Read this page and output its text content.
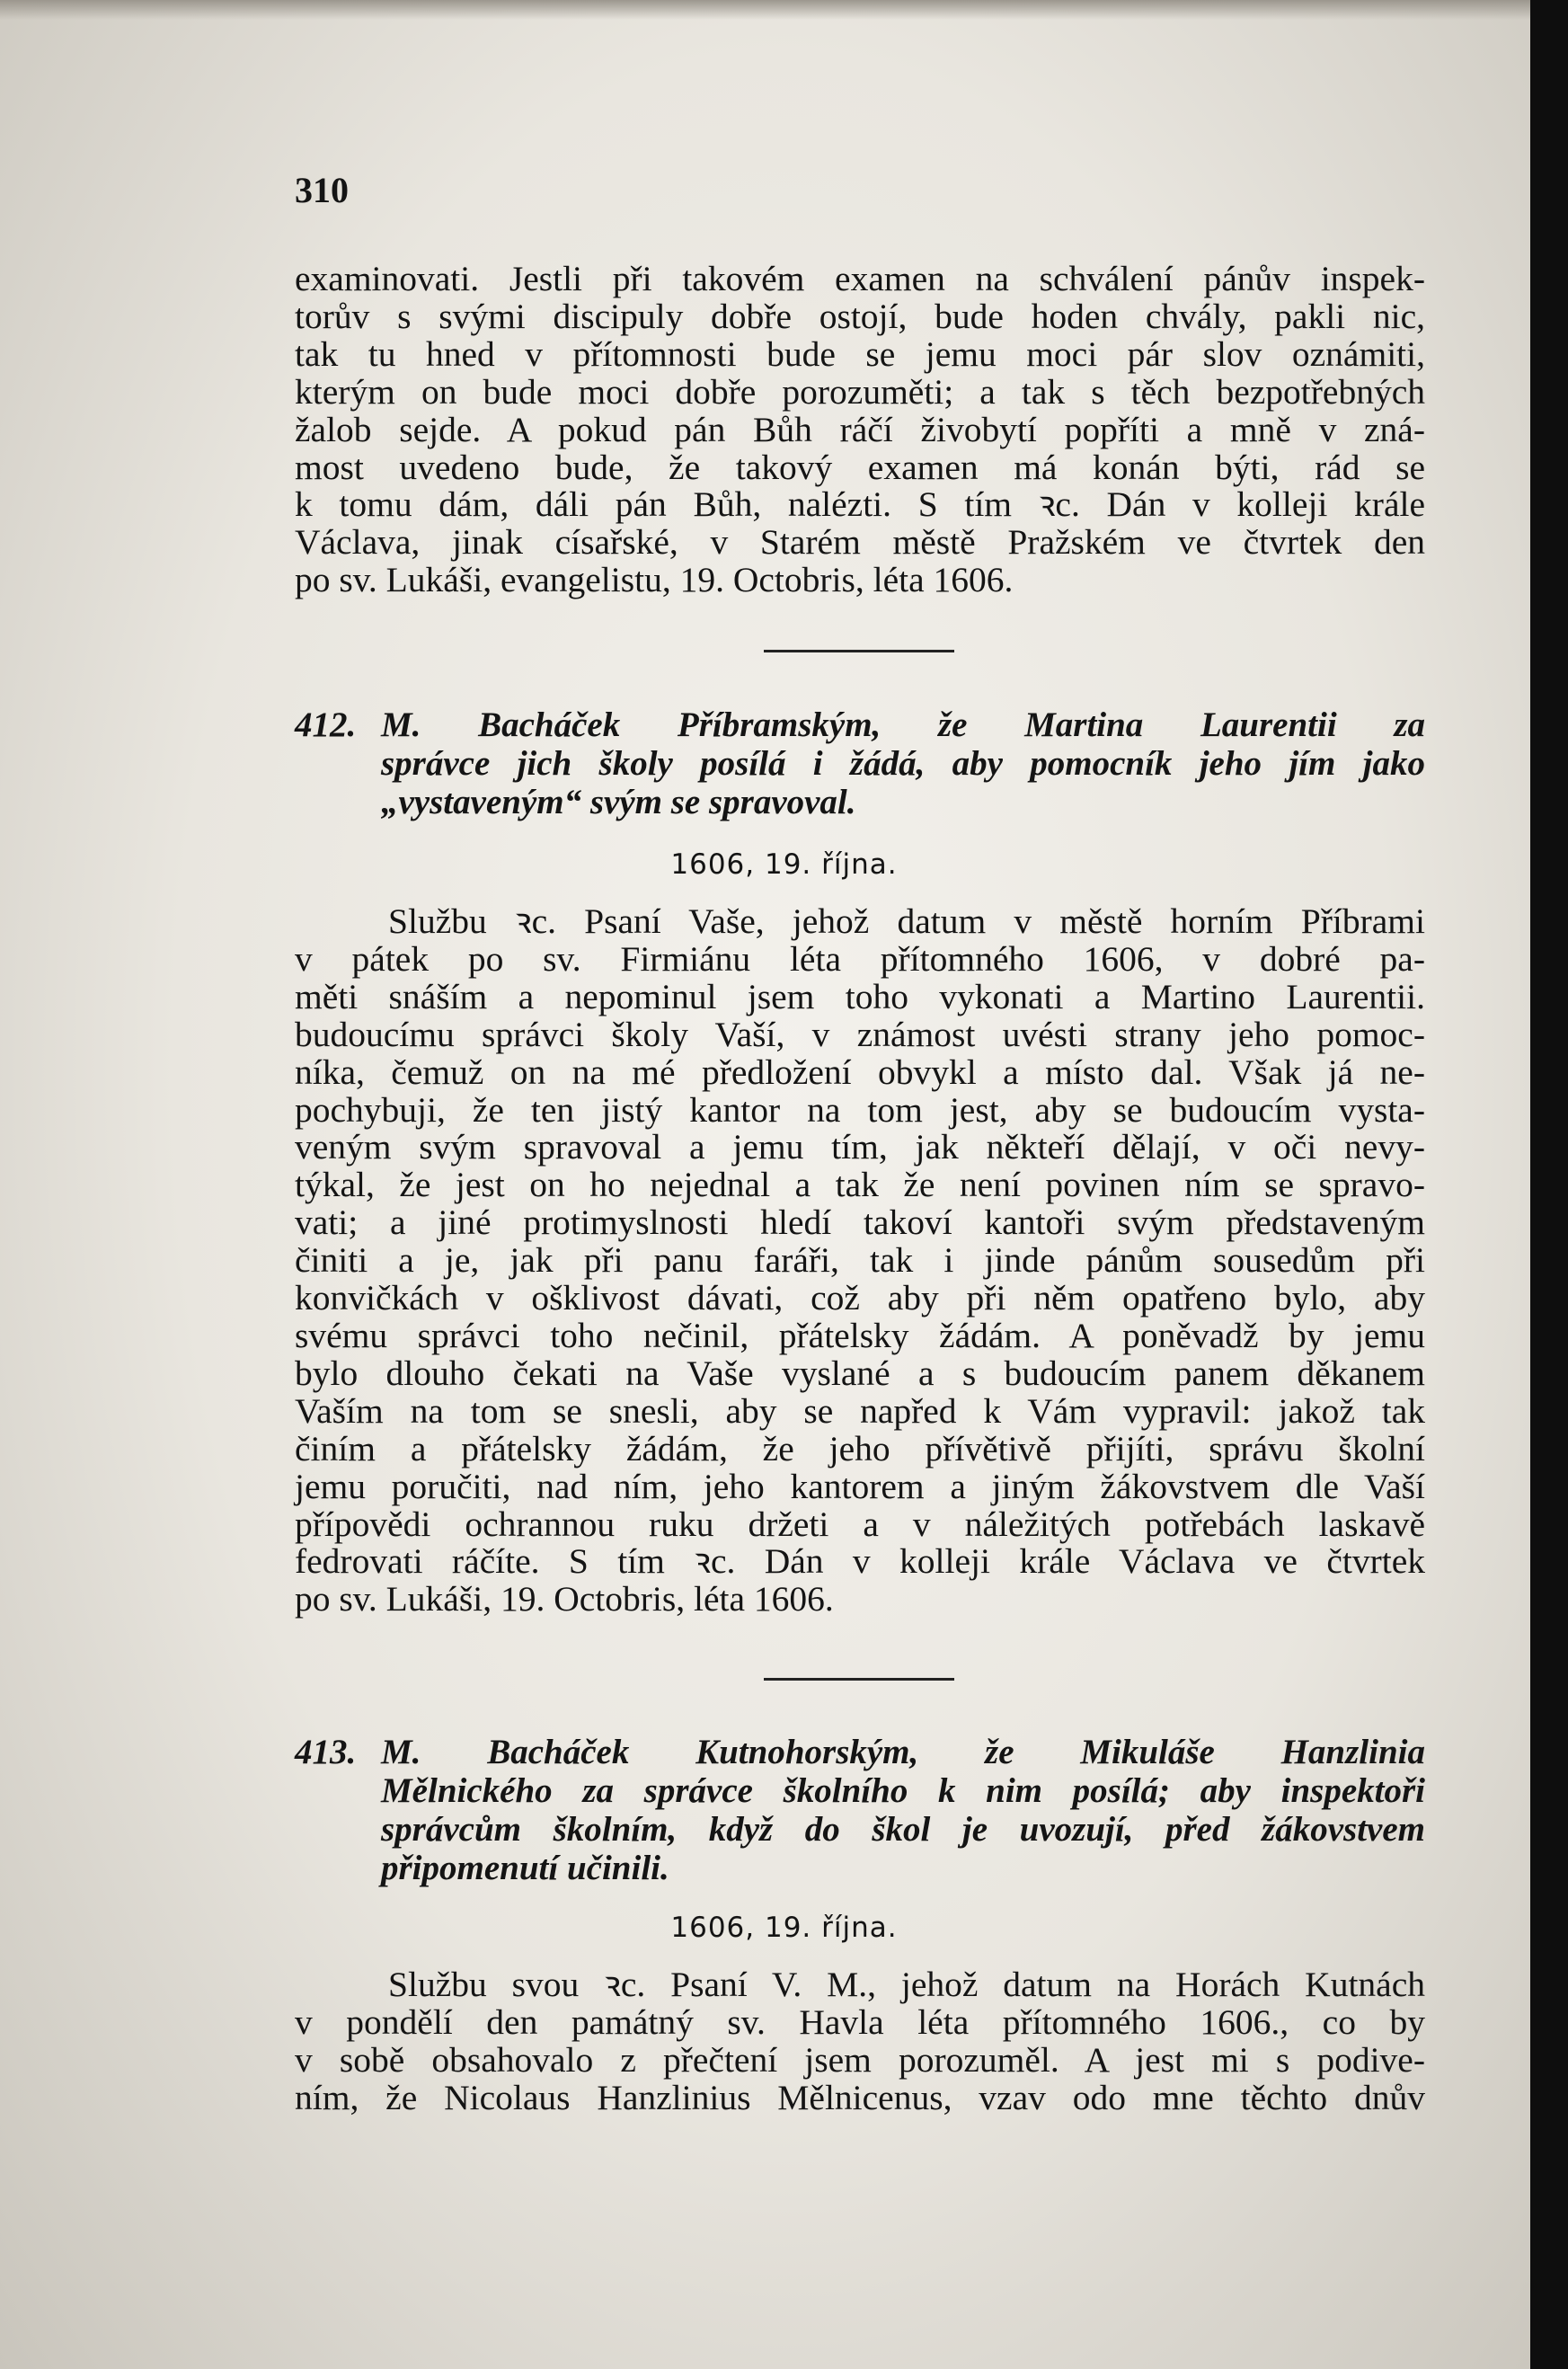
310
examinovati. Jestli při takovém examen na schválení pánův inspek-
torův s svými discipuly dobře ostojí, bude hoden chvály, pakli nic,
tak tu hned v přítomnosti bude se jemu moci pár slov oznámiti,
kterým on bude moci dobře porozuměti; a tak s těch bezpotřebných
žalob sejde. A pokud pán Bůh ráčí živobytí popříti a mně v zná-
most uvedeno bude, že takový examen má konán býti, rád se
k tomu dám, dáli pán Bůh, nalézti. S tím ꝛc. Dán v kolleji krále
Václava, jinak císařské, v Starém městě Pražském ve čtvrtek den
po sv. Lukáši, evangelistu, 19. Octobris, léta 1606.
412. M. Bacháček Příbramským, že Martina Laurentii za
správce jich školy posílá i žádá, aby pomocník jeho jím jako
„vystaveným“ svým se spravoval.
1606, 19. října.
Službu ꝛc. Psaní Vaše, jehož datum v městě horním Příbrami
v pátek po sv. Firmiánu léta přítomného 1606, v dobré pa-
měti snáším a nepominul jsem toho vykonati a Martino Laurentii.
budoucímu správci školy Vaší, v známost uvésti strany jeho pomoc-
níka, čemuž on na mé předložení obvykl a místo dal. Však já ne-
pochybuji, že ten jistý kantor na tom jest, aby se budoucím vysta-
veným svým spravoval a jemu tím, jak někteří dělají, v oči nevy-
týkal, že jest on ho nejednal a tak že není povinen ním se spravo-
vati; a jiné protimyslnosti hledí takoví kantoři svým představeným
činiti a je, jak při panu faráři, tak i jinde pánům sousedům při
konvičkách v ošklivost dávati, což aby při něm opatřeno bylo, aby
svému správci toho nečinil, přátelsky žádám. A poněvadž by jemu
bylo dlouho čekati na Vaše vyslané a s budoucím panem děkanem
Vaším na tom se snesli, aby se napřed k Vám vypravil: jakož tak
činím a přátelsky žádám, že jeho přívětivě přijíti, správu školní
jemu poručiti, nad ním, jeho kantorem a jiným žákovstvem dle Vaší
přípovědi ochrannou ruku držeti a v náležitých potřebách laskavě
fedrovati ráčíte. S tím ꝛc. Dán v kolleji krále Václava ve čtvrtek
po sv. Lukáši, 19. Octobris, léta 1606.
413. M. Bacháček Kutnohorským, že Mikuláše Hanzlinia
Mělnického za správce školního k nim posílá; aby inspektoři
správcům školním, když do škol je uvozují, před žákovstvem
připomenutí učinili.
1606, 19. října.
Službu svou ꝛc. Psaní V. M., jehož datum na Horách Kutnách
v pondělí den památný sv. Havla léta přítomného 1606., co by
v sobě obsahovalo z přečtení jsem porozuměl. A jest mi s podive-
ním, že Nicolaus Hanzlinius Mělnicenus, vzav odo mne těchto dnův
